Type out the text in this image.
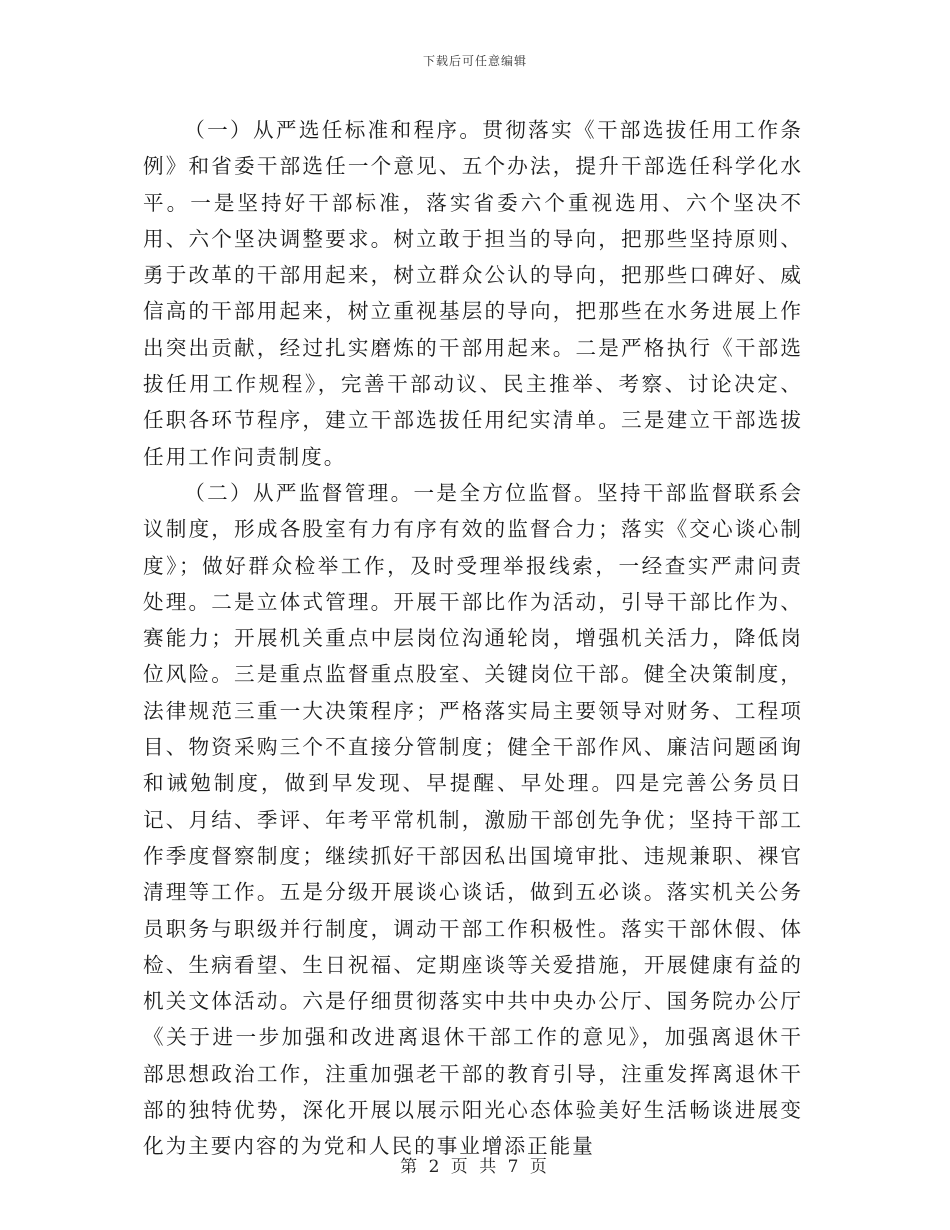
下载后可任意编辑

（一）从严选任标准和程序。贯彻落实《干部选拔任用工作条例》和省委干部选任一个意见、五个办法，提升干部选任科学化水平。一是坚持好干部标准，落实省委六个重视选用、六个坚决不用、六个坚决调整要求。树立敢于担当的导向，把那些坚持原则、勇于改革的干部用起来，树立群众公认的导向，把那些口碑好、威信高的干部用起来，树立重视基层的导向，把那些在水务进展上作出突出贡献，经过扎实磨炼的干部用起来。二是严格执行《干部选拔任用工作规程》，完善干部动议、民主推举、考察、讨论决定、任职各环节程序，建立干部选拔任用纪实清单。三是建立干部选拔任用工作问责制度。

（二）从严监督管理。一是全方位监督。坚持干部监督联系会议制度，形成各股室有力有序有效的监督合力；落实《交心谈心制度》；做好群众检举工作，及时受理举报线索，一经查实严肃问责处理。二是立体式管理。开展干部比作为活动，引导干部比作为、赛能力；开展机关重点中层岗位沟通轮岗，增强机关活力，降低岗位风险。三是重点监督重点股室、关键岗位干部。健全决策制度，法律规范三重一大决策程序；严格落实局主要领导对财务、工程项目、物资采购三个不直接分管制度；健全干部作风、廉洁问题函询和诫勉制度，做到早发现、早提醒、早处理。四是完善公务员日记、月结、季评、年考平常机制，激励干部创先争优；坚持干部工作季度督察制度；继续抓好干部因私出国境审批、违规兼职、裸官清理等工作。五是分级开展谈心谈话，做到五必谈。落实机关公务员职务与职级并行制度，调动干部工作积极性。落实干部休假、体检、生病看望、生日祝福、定期座谈等关爱措施，开展健康有益的机关文体活动。六是仔细贯彻落实中共中央办公厅、国务院办公厅《关于进一步加强和改进离退休干部工作的意见》，加强离退休干部思想政治工作，注重加强老干部的教育引导，注重发挥离退休干部的独特优势，深化开展以展示阳光心态体验美好生活畅谈进展变化为主要内容的为党和人民的事业增添正能量

第 2 页 共 7 页
